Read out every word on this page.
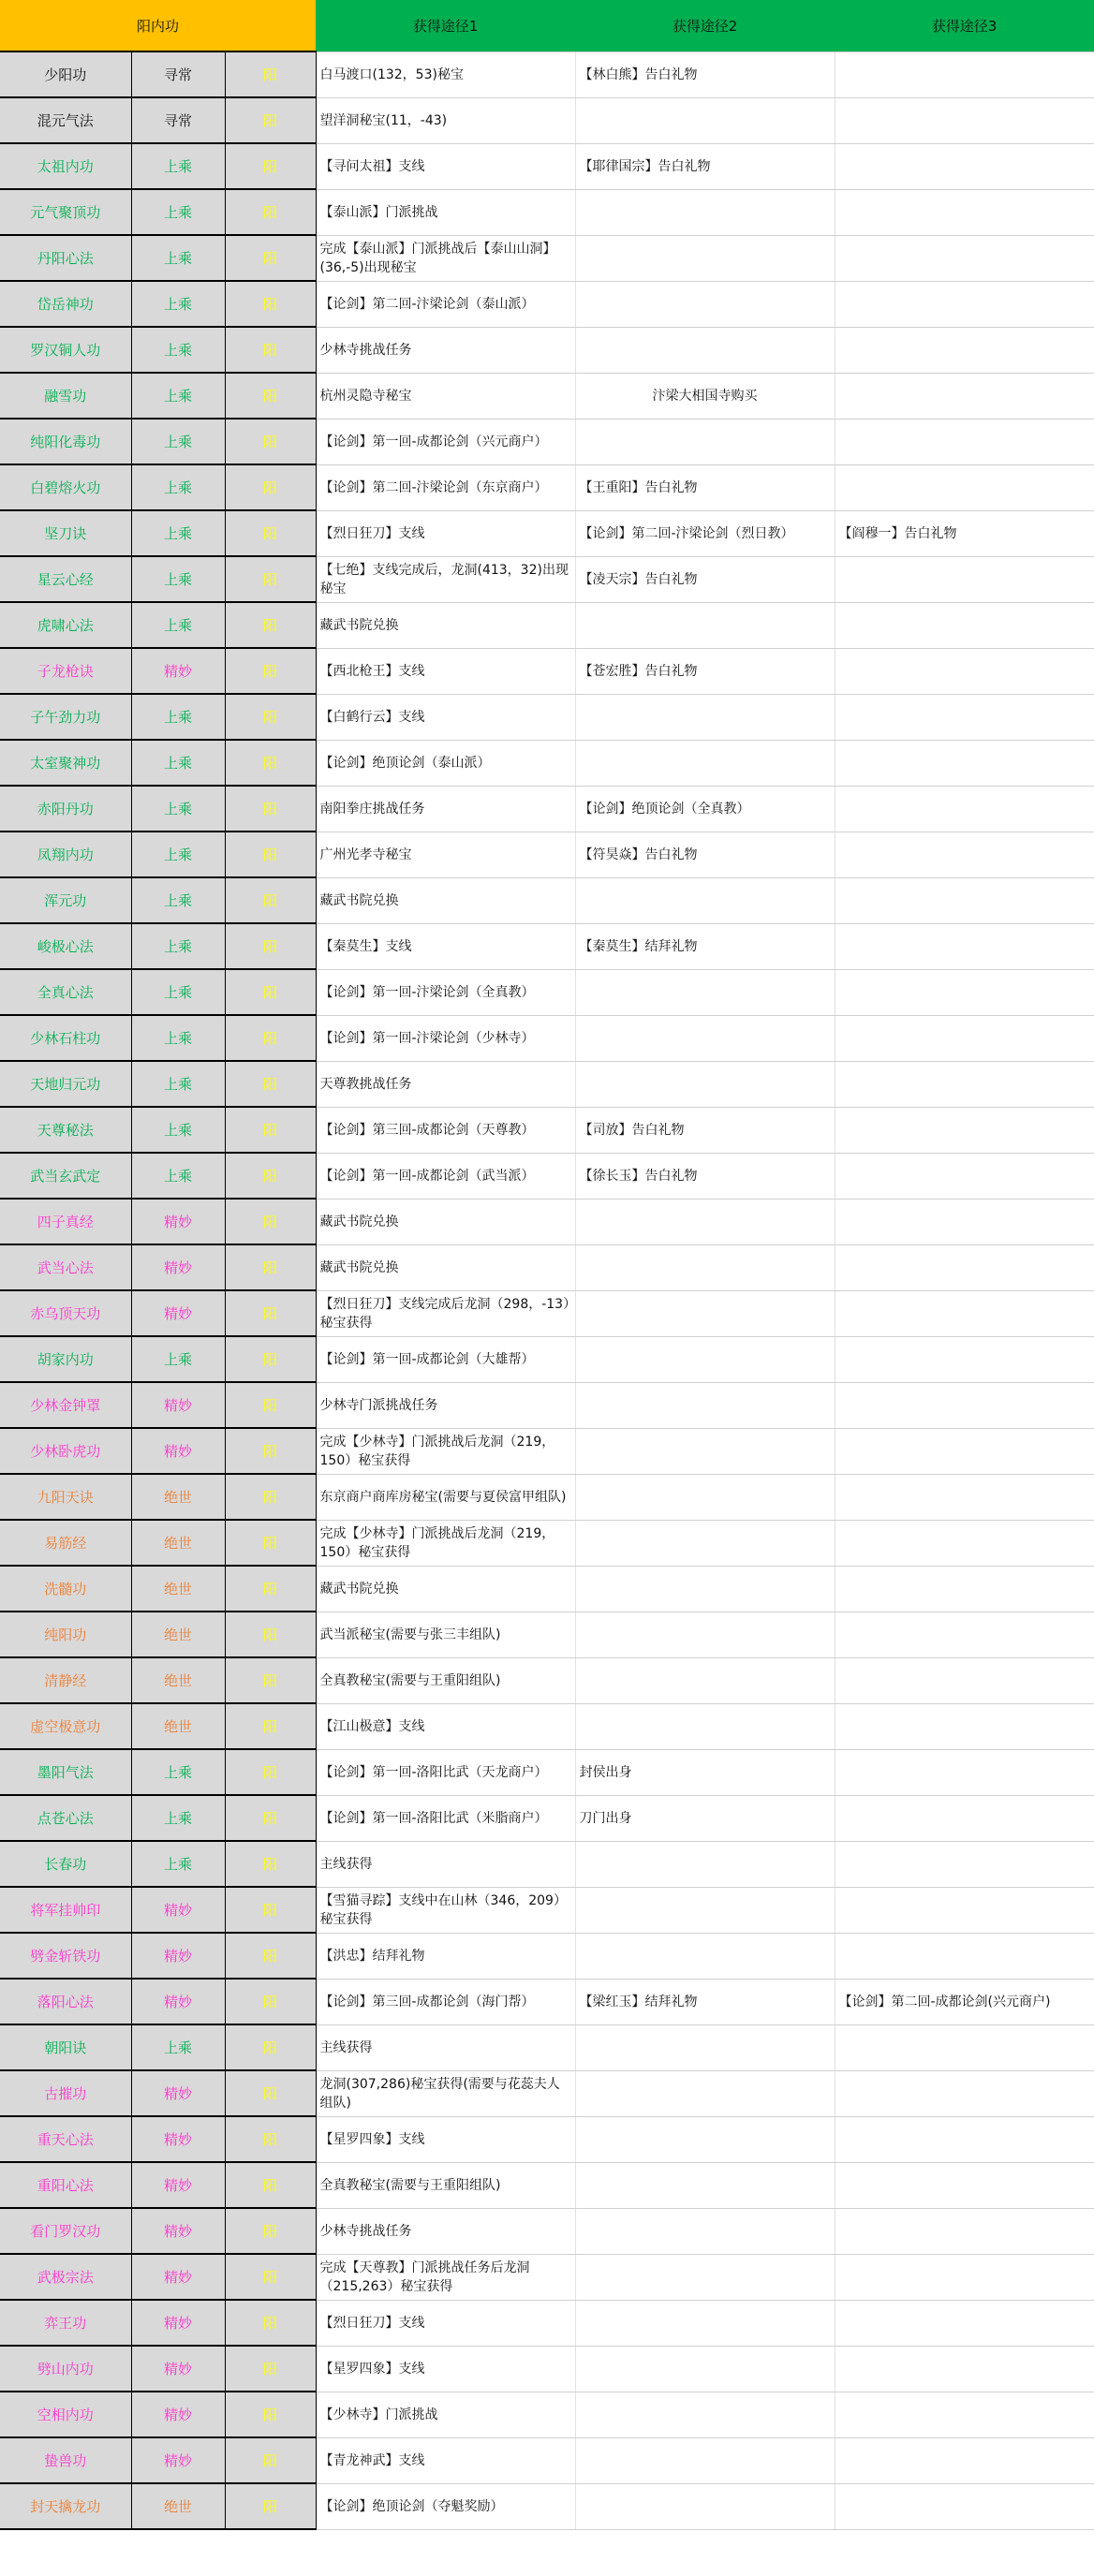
阳内功			获得途径1	获得途径2	获得途径3
少阳功	寻常	阳	白马渡口(132，53)秘宝	【林白熊】告白礼物	
混元气法	寻常	阳	望洋洞秘宝(11，-43)		
太祖内功	上乘	阳	【寻问太祖】支线	【耶律国宗】告白礼物	
元气聚顶功	上乘	阳	【泰山派】门派挑战		
丹阳心法	上乘	阳	完成【泰山派】门派挑战后【泰山山洞】(36,-5)出现秘宝		
岱岳神功	上乘	阳	【论剑】第二回-汴梁论剑（泰山派）		
罗汉铜人功	上乘	阳	少林寺挑战任务		
融雪功	上乘	阳	杭州灵隐寺秘宝	汴梁大相国寺购买	
纯阳化毒功	上乘	阳	【论剑】第一回-成都论剑（兴元商户）		
白碧熔火功	上乘	阳	【论剑】第二回-汴梁论剑（东京商户）	【王重阳】告白礼物	
坚刀诀	上乘	阳	【烈日狂刀】支线	【论剑】第二回-汴梁论剑（烈日教）	【阎穆一】告白礼物
星云心经	上乘	阳	【七绝】支线完成后，龙洞(413，32)出现秘宝	【凌天宗】告白礼物	
虎啸心法	上乘	阳	藏武书院兑换		
子龙枪诀	精妙	阳	【西北枪王】支线	【苍宏胜】告白礼物	
子午劲力功	上乘	阳	【白鹤行云】支线		
太室聚神功	上乘	阳	【论剑】绝顶论剑（泰山派）		
赤阳丹功	上乘	阳	南阳拳庄挑战任务	【论剑】绝顶论剑（全真教）	
凤翔内功	上乘	阳	广州光孝寺秘宝	【符昊焱】告白礼物	
浑元功	上乘	阳	藏武书院兑换		
峻极心法	上乘	阳	【秦莫生】支线	【秦莫生】结拜礼物	
全真心法	上乘	阳	【论剑】第一回-汴梁论剑（全真教）		
少林石柱功	上乘	阳	【论剑】第一回-汴梁论剑（少林寺）		
天地归元功	上乘	阳	天尊教挑战任务		
天尊秘法	上乘	阳	【论剑】第三回-成都论剑（天尊教）	【司放】告白礼物	
武当玄武定	上乘	阳	【论剑】第一回-成都论剑（武当派）	【徐长玉】告白礼物	
四子真经	精妙	阳	藏武书院兑换		
武当心法	精妙	阳	藏武书院兑换		
赤乌顶天功	精妙	阳	【烈日狂刀】支线完成后龙洞（298，-13）秘宝获得		
胡家内功	上乘	阳	【论剑】第一回-成都论剑（大雄帮）		
少林金钟罩	精妙	阳	少林寺门派挑战任务		
少林卧虎功	精妙	阳	完成【少林寺】门派挑战后龙洞（219，150）秘宝获得		
九阳天诀	绝世	阳	东京商户商库房秘宝(需要与夏侯富甲组队)		
易筋经	绝世	阳	完成【少林寺】门派挑战后龙洞（219，150）秘宝获得		
洗髓功	绝世	阳	藏武书院兑换		
纯阳功	绝世	阳	武当派秘宝(需要与张三丰组队)		
清静经	绝世	阳	全真教秘宝(需要与王重阳组队)		
虚空极意功	绝世	阳	【江山极意】支线		
墨阳气法	上乘	阳	【论剑】第一回-洛阳比武（天龙商户）	封侯出身	
点苍心法	上乘	阳	【论剑】第一回-洛阳比武（米脂商户）	刀门出身	
长春功	上乘	阳	主线获得		
将军挂帅印	精妙	阳	【雪猫寻踪】支线中在山林（346，209）秘宝获得		
劈金斩铁功	精妙	阳	【洪忠】结拜礼物		
落阳心法	精妙	阳	【论剑】第三回-成都论剑（海门帮）	【梁红玉】结拜礼物	【论剑】第二回-成都论剑(兴元商户)
朝阳诀	上乘	阳	主线获得		
古摧功	精妙	阳	龙洞(307,286)秘宝获得(需要与花蕊夫人组队)		
重天心法	精妙	阳	【星罗四象】支线		
重阳心法	精妙	阳	全真教秘宝(需要与王重阳组队)		
看门罗汉功	精妙	阳	少林寺挑战任务		
武极宗法	精妙	阳	完成【天尊教】门派挑战任务后龙洞（215,263）秘宝获得		
弈王功	精妙	阳	【烈日狂刀】支线		
劈山内功	精妙	阳	【星罗四象】支线		
空相内功	精妙	阳	【少林寺】门派挑战		
蛰兽功	精妙	阳	【青龙神武】支线		
封天擒龙功	绝世	阳	【论剑】绝顶论剑（夺魁奖励）		
